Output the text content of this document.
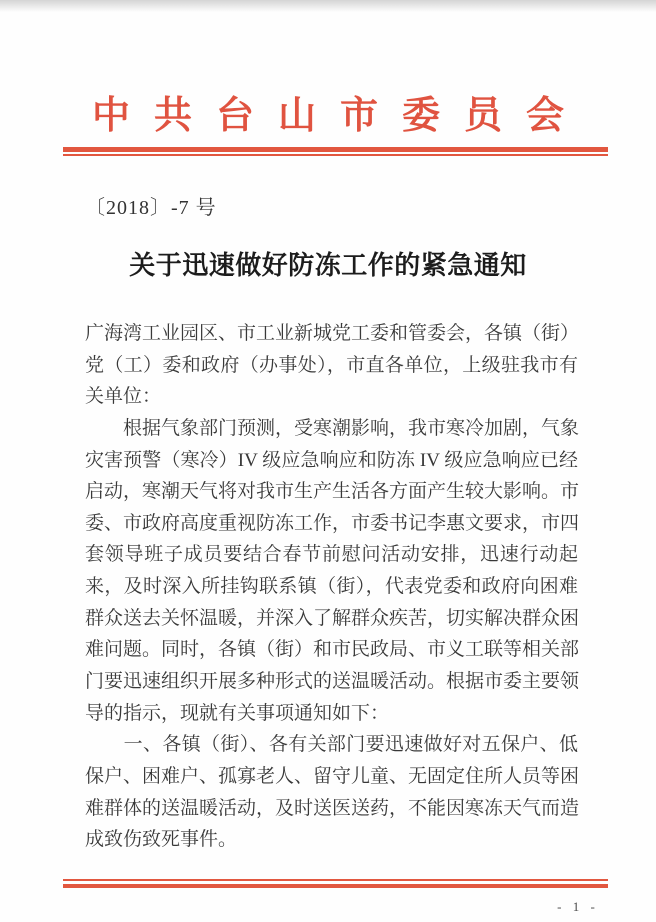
中共台山市委员会
〔2018〕-7 号
关于迅速做好防冻工作的紧急通知
广海湾工业园区、市工业新城党工委和管委会，各镇（街）
党（工）委和政府（办事处），市直各单位，上级驻我市有
关单位：
　　根据气象部门预测，受寒潮影响，我市寒冷加剧，气象
灾害预警（寒冷）IV 级应急响应和防冻 IV 级应急响应已经
启动，寒潮天气将对我市生产生活各方面产生较大影响。市
委、市政府高度重视防冻工作，市委书记李惠文要求，市四
套领导班子成员要结合春节前慰问活动安排，迅速行动起
来，及时深入所挂钩联系镇（街），代表党委和政府向困难
群众送去关怀温暖，并深入了解群众疾苦，切实解决群众困
难问题。同时，各镇（街）和市民政局、市义工联等相关部
门要迅速组织开展多种形式的送温暖活动。根据市委主要领
导的指示，现就有关事项通知如下：
　　一、各镇（街）、各有关部门要迅速做好对五保户、低
保户、困难户、孤寡老人、留守儿童、无固定住所人员等困
难群体的送温暖活动，及时送医送药，不能因寒冻天气而造
成致伤致死事件。
- 1 -
